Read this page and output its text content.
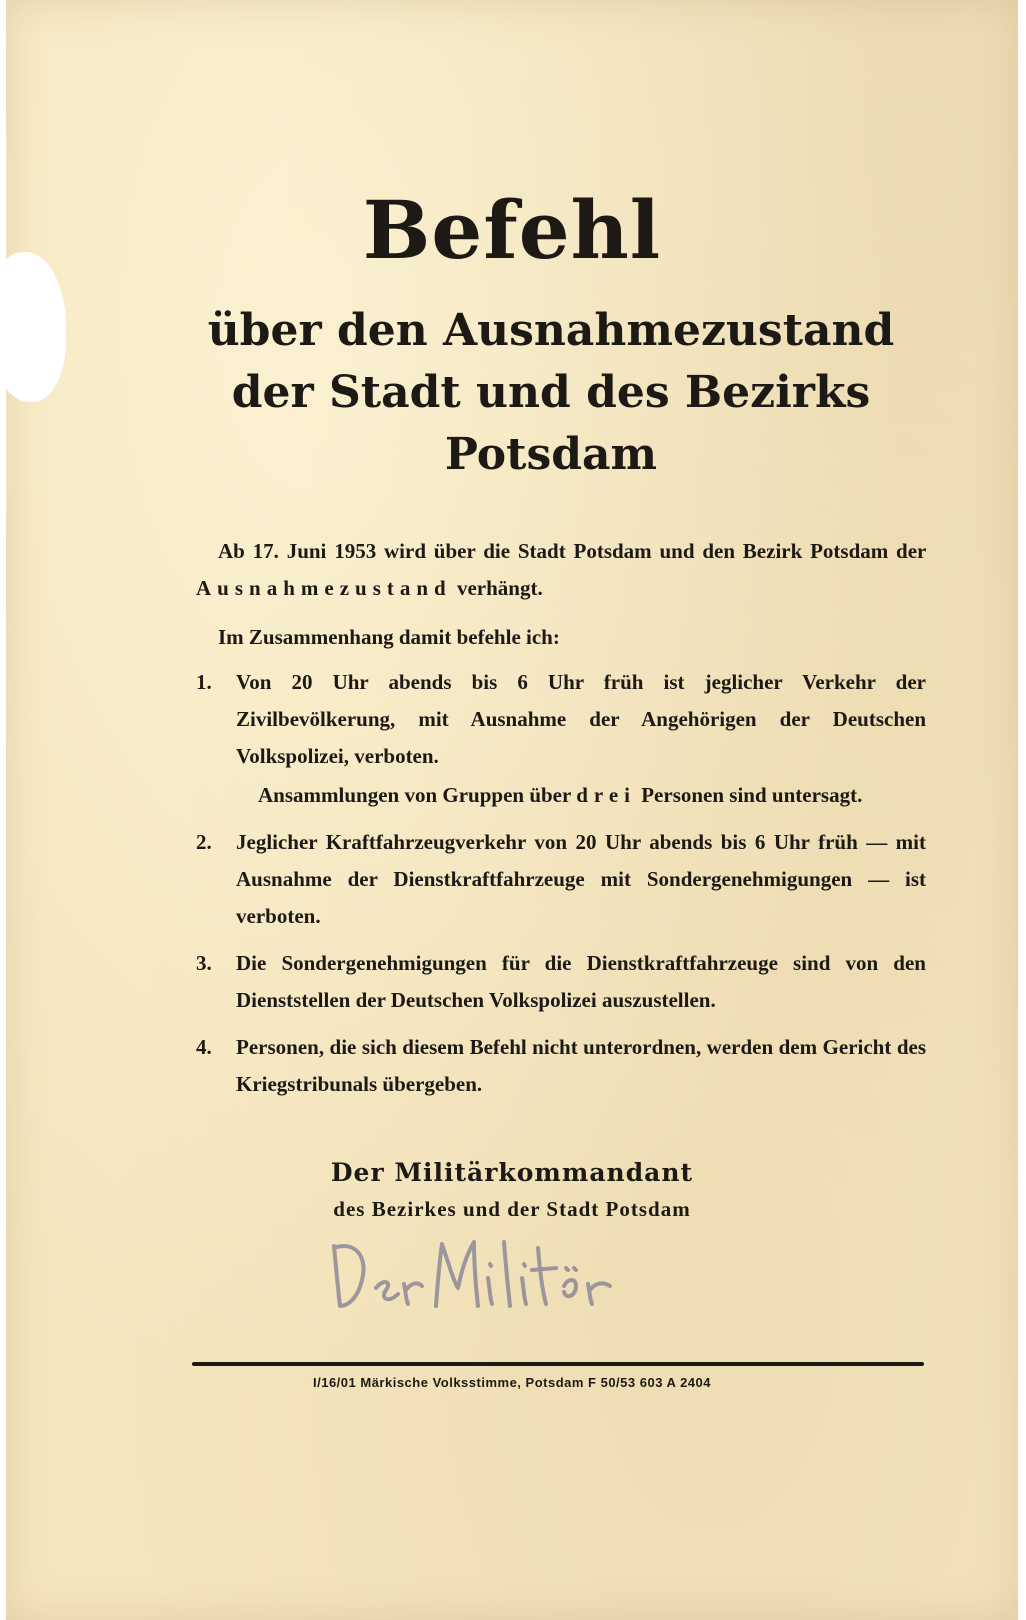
Befehl
über den Ausnahmezustand
der Stadt und des Bezirks
Potsdam
Ab 17. Juni 1953 wird über die Stadt Potsdam und den Bezirk Potsdam der Ausnahmezustand verhängt.
Im Zusammenhang damit befehle ich:
1. Von 20 Uhr abends bis 6 Uhr früh ist jeglicher Verkehr der Zivilbevölkerung, mit Ausnahme der Angehörigen der Deutschen Volkspolizei, verboten.
Ansammlungen von Gruppen über drei Personen sind untersagt.
2. Jeglicher Kraftfahrzeugverkehr von 20 Uhr abends bis 6 Uhr früh — mit Ausnahme der Dienstkraftfahrzeuge mit Sondergenehmigungen — ist verboten.
3. Die Sondergenehmigungen für die Dienstkraftfahrzeuge sind von den Dienststellen der Deutschen Volkspolizei auszustellen.
4. Personen, die sich diesem Befehl nicht unterordnen, werden dem Gericht des Kriegstribunals übergeben.
Der Militärkommandant
des Bezirkes und der Stadt Potsdam
I/16/01 Märkische Volksstimme, Potsdam F 50/53 603 A 2404
